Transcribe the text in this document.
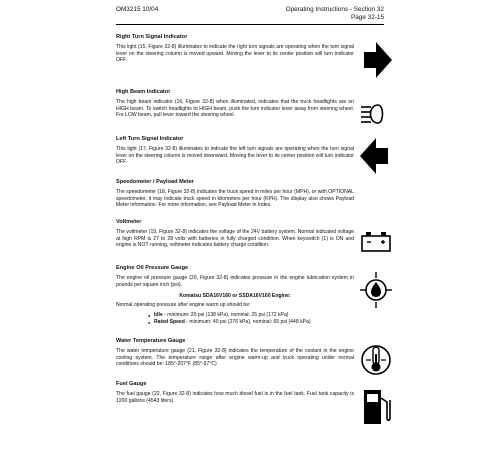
OM3215 10/04	Operating Instructions - Section 32
Page 32-15
Right Turn Signal Indicator
This light (15, Figure 32-8) illuminates to indicate the right turn signals are operating when the turn signal lever on the steering column is moved upward. Moving the lever to its center position will turn indicator OFF.
High Beam Indicator
The high beam indicator (16, Figure 32-8) when illuminated, indicates that the truck headlights are on HIGH beam. To switch headlights to HIGH beam, push the turn indicator lever away from steering wheel. For LOW beam, pull lever toward the steering wheel.
Left Turn Signal Indicator
This light (17, Figure 32-8) illuminates to indicate the left turn signals are operating when the turn signal lever on the steering column is moved downward. Moving the lever to its center position will turn indicator OFF.
Speedometer / Payload Meter
The speedometer (18, Figure 32-8) indicates the truck speed in miles per hour (MPH), or with OPTIONAL speedometer, it may indicate truck speed in kilometers per hour (KPH). The display also shows Payload Meter information. For more information, see Payload Meter in Index.
Voltmeter
The voltmeter (19, Figure 32-8) indicates the voltage of the 24V battery system. Normal indicated voltage at high RPM is 27 to 28 volts with batteries in fully charged condition. When keyswitch (1) is ON and engine is NOT running, voltmeter indicates battery charge condition.
Engine Oil Pressure Gauge
The engine oil pressure gauge (20, Figure 32-8) indicates pressure in the engine lubrication system in pounds per square inch (psi).
Komatsu SDA16V160 or SSDA16V160 Engine:
Normal operating pressure after engine warm up should be:
● Idle - minimum: 20 psi (138 kPa), nominal: 25 psi (172 kPa)
● Rated Speed - minimum: 40 psi (276 kPa), nominal: 65 psi (448 kPa)
Water Temperature Gauge
The water temperature gauge (21, Figure 32-8) indicates the temperature of the coolant in the engine cooling system. The temperature range after engine warm-up and truck operating under normal conditions should be: 185°-207°F (85°-97°C)
Fuel Gauge
The fuel gauge (22, Figure 32-8) indicates how much diesel fuel is in the fuel tank. Fuel tank capacity is 1200 gallons (4543 liters).
